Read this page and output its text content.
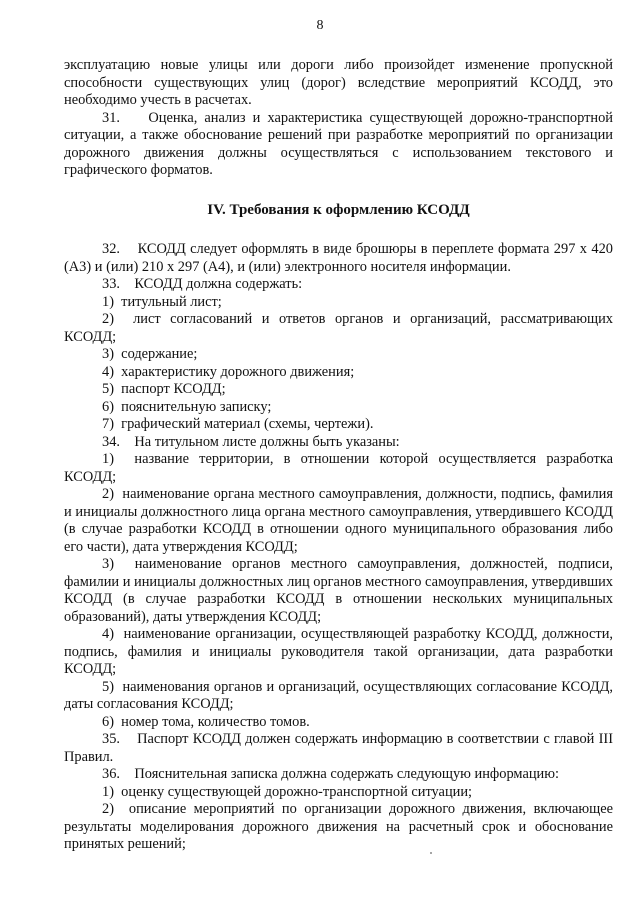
8

эксплуатацию новые улицы или дороги либо произойдет изменение пропускной способности существующих улиц (дорог) вследствие мероприятий КСОДД, это необходимо учесть в расчетах.

31.    Оценка, анализ и характеристика существующей дорожно-транспортной ситуации, а также обоснование решений при разработке мероприятий по организации дорожного движения должны осуществляться с использованием текстового и графического форматов.

IV. Требования к оформлению КСОДД

32.    КСОДД следует оформлять в виде брошюры в переплете формата 297 х 420 (А3) и (или) 210 х 297 (А4), и (или) электронного носителя информации.

33.    КСОДД должна содержать:

1)  титульный лист;

2)  лист согласований и ответов органов и организаций, рассматривающих КСОДД;

3)  содержание;

4)  характеристику дорожного движения;

5)  паспорт КСОДД;

6)  пояснительную записку;

7)  графический материал (схемы, чертежи).

34.    На титульном листе должны быть указаны:

1)  название территории, в отношении которой осуществляется разработка КСОДД;

2)  наименование органа местного самоуправления, должности, подпись, фамилия и инициалы должностного лица органа местного самоуправления, утвердившего КСОДД (в случае разработки КСОДД в отношении одного муниципального образования либо его части), дата утверждения КСОДД;

3)  наименование органов местного самоуправления, должностей, подписи, фамилии и инициалы должностных лиц органов местного самоуправления, утвердивших КСОДД (в случае разработки КСОДД в отношении нескольких муниципальных образований), даты утверждения КСОДД;

4)  наименование организации, осуществляющей разработку КСОДД, должности, подпись, фамилия и инициалы руководителя такой организации, дата разработки КСОДД;

5)  наименования органов и организаций, осуществляющих согласование КСОДД, даты согласования КСОДД;

6)  номер тома, количество томов.

35.    Паспорт КСОДД должен содержать информацию в соответствии с главой III Правил.

36.    Пояснительная записка должна содержать следующую информацию:

1)  оценку существующей дорожно-транспортной ситуации;

2)  описание мероприятий по организации дорожного движения, включающее результаты моделирования дорожного движения на расчетный срок и обоснование принятых решений;
